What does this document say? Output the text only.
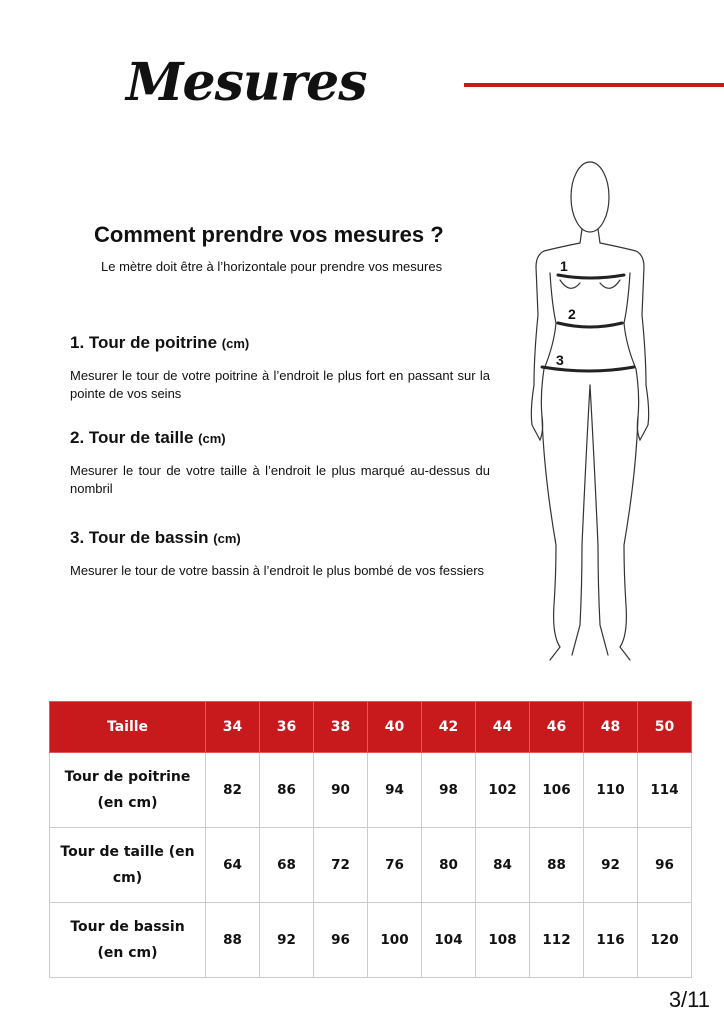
Mesures
Comment prendre vos mesures ?
Le mètre doit être à l’horizontale pour prendre vos mesures
1. Tour de poitrine (cm)

Mesurer le tour de votre poitrine à l’endroit le plus fort en passant sur la pointe de vos seins

2. Tour de taille (cm)

Mesurer le tour de votre taille à l’endroit le plus marqué au-dessus du nombril

3. Tour de bassin (cm)

Mesurer le tour de votre bassin à l’endroit le plus bombé de vos fessiers

1
2
3
Taille	34	36	38	40	42	44	46	48	50
Tour de poitrine
(en cm)	82	86	90	94	98	102	106	110	114
Tour de taille (en
cm)	64	68	72	76	80	84	88	92	96
Tour de bassin
(en cm)	88	92	96	100	104	108	112	116	120
3/11
